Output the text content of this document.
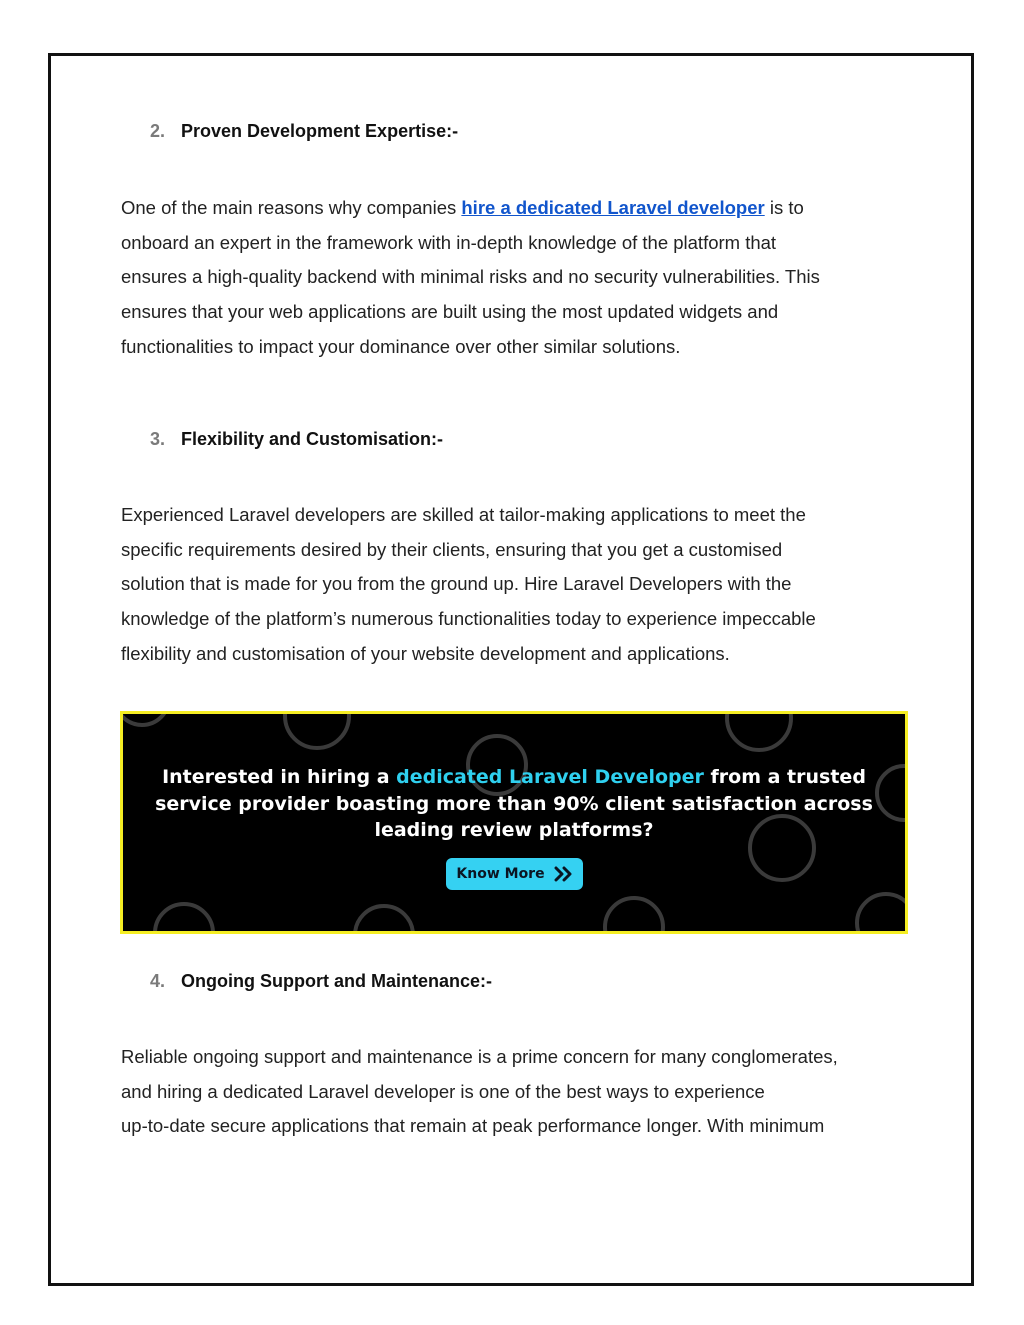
2. Proven Development Expertise:-
One of the main reasons why companies hire a dedicated Laravel developer is to
onboard an expert in the framework with in-depth knowledge of the platform that
ensures a high-quality backend with minimal risks and no security vulnerabilities. This
ensures that your web applications are built using the most updated widgets and
functionalities to impact your dominance over other similar solutions.
3. Flexibility and Customisation:-
Experienced Laravel developers are skilled at tailor-making applications to meet the
specific requirements desired by their clients, ensuring that you get a customised
solution that is made for you from the ground up. Hire Laravel Developers with the
knowledge of the platform’s numerous functionalities today to experience impeccable
flexibility and customisation of your website development and applications.
Interested in hiring a dedicated Laravel Developer from a trusted
service provider boasting more than 90% client satisfaction across
leading review platforms?
Know More
4. Ongoing Support and Maintenance:-
Reliable ongoing support and maintenance is a prime concern for many conglomerates,
and hiring a dedicated Laravel developer is one of the best ways to experience
up-to-date secure applications that remain at peak performance longer. With minimum
